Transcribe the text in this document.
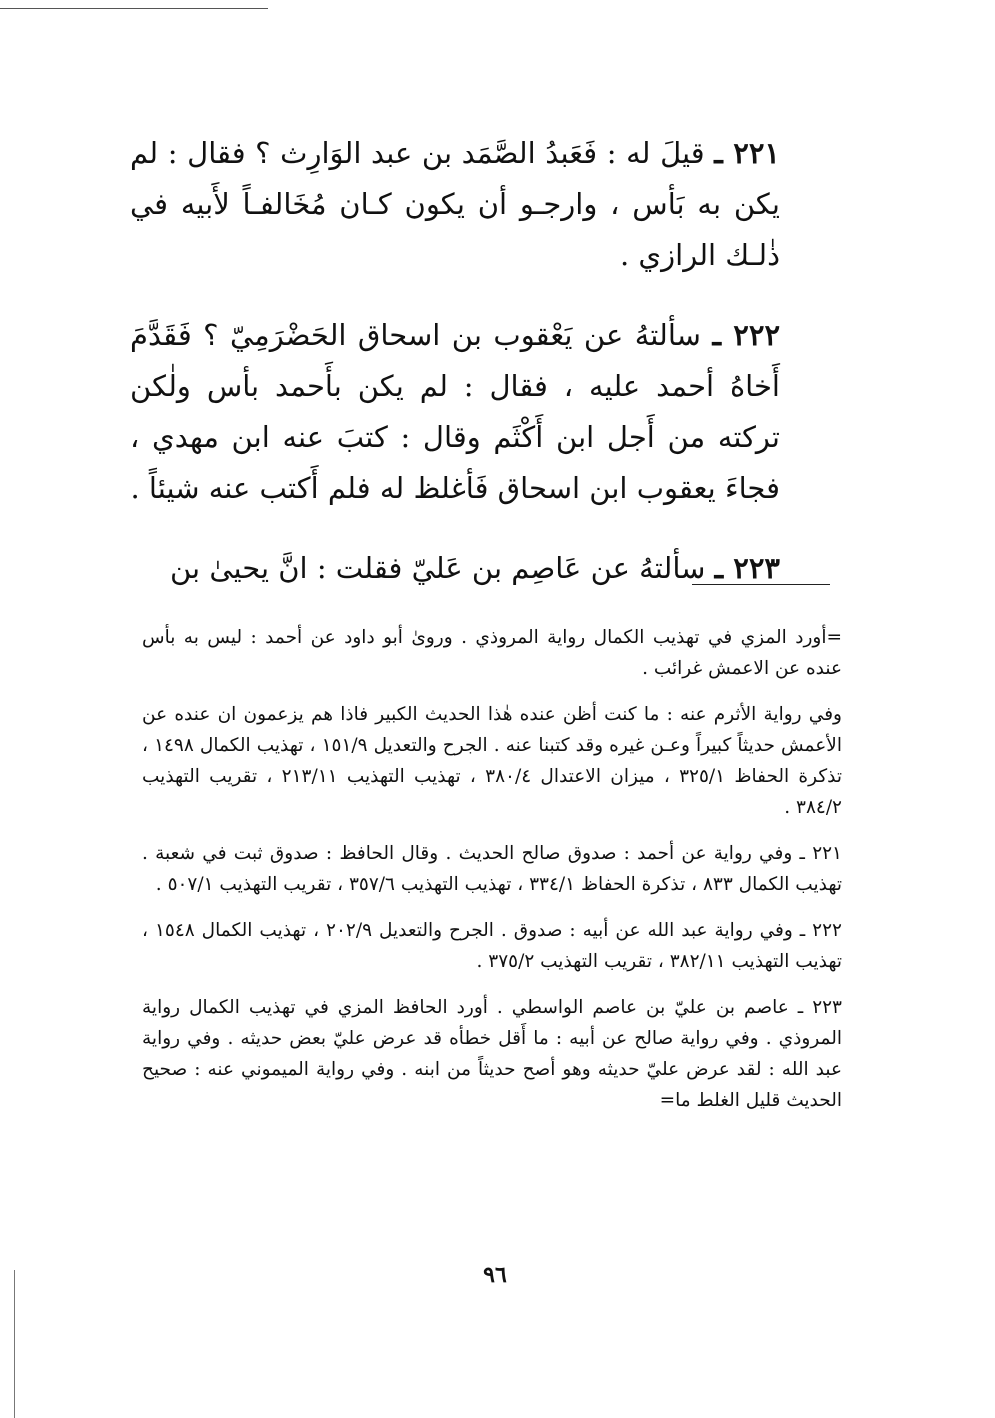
٢٢١ ـ قيلَ له : فَعَبدُ الصَّمَد بن عبد الوَارِث ؟ فقال : لم يكن به بَأس ، وارجـو أن يكون كـان مُخَالفـاً لأَبيه في ذٰلـك الرازي .

٢٢٢ ـ سألتهُ عن يَعْقوب بن اسحاق الحَضْرَمِيّ ؟ فَقَدَّمَ أَخاهُ أحمد عليه ، فقال : لم يكن بأَحمد بأس ولٰكن تركته من أَجل ابن أَكْثَم وقال : كتبَ عنه ابن مهدي ، فجاءَ يعقوب ابن اسحاق فَأغلظ له فلم أَكتب عنه شيئاً .

٢٢٣ ـ سألتهُ عن عَاصِم بن عَليّ فقلت : انَّ يحيىٰ بن

=أورد المزي في تهذيب الكمال رواية المروذي . وروىٰ أبو داود عن أحمد : ليس به بأس عنده عن الاعمش غرائب .

وفي رواية الأثرم عنه : ما كنت أظن عنده هٰذا الحديث الكبير فاذا هم يزعمون ان عنده عن الأعمش حديثاً كبيراً وعـن غيره وقد كتبنا عنه . الجرح والتعديل ١٥١/٩ ، تهذيب الكمال ١٤٩٨ ، تذكرة الحفاظ ٣٢٥/١ ، ميزان الاعتدال ٣٨٠/٤ ، تهذيب التهذيب ٢١٣/١١ ، تقريب التهذيب ٣٨٤/٢ .

٢٢١ ـ وفي رواية عن أحمد : صدوق صالح الحديث . وقال الحافظ : صدوق ثبت في شعبة . تهذيب الكمال ٨٣٣ ، تذكرة الحفاظ ٣٣٤/١ ، تهذيب التهذيب ٣٥٧/٦ ، تقريب التهذيب ٥٠٧/١ .

٢٢٢ ـ وفي رواية عبد الله عن أبيه : صدوق . الجرح والتعديل ٢٠٢/٩ ، تهذيب الكمال ١٥٤٨ ، تهذيب التهذيب ٣٨٢/١١ ، تقريب التهذيب ٣٧٥/٢ .

٢٢٣ ـ عاصم بن عليّ بن عاصم الواسطي . أورد الحافظ المزي في تهذيب الكمال رواية المروذي . وفي رواية صالح عن أبيه : ما أَقل خطأه قد عرض عليّ بعض حديثه . وفي رواية عبد الله : لقد عرض عليّ حديثه وهو أصح حديثاً من ابنه . وفي رواية الميموني عنه : صحيح الحديث قليل الغلط ما=

٩٦
